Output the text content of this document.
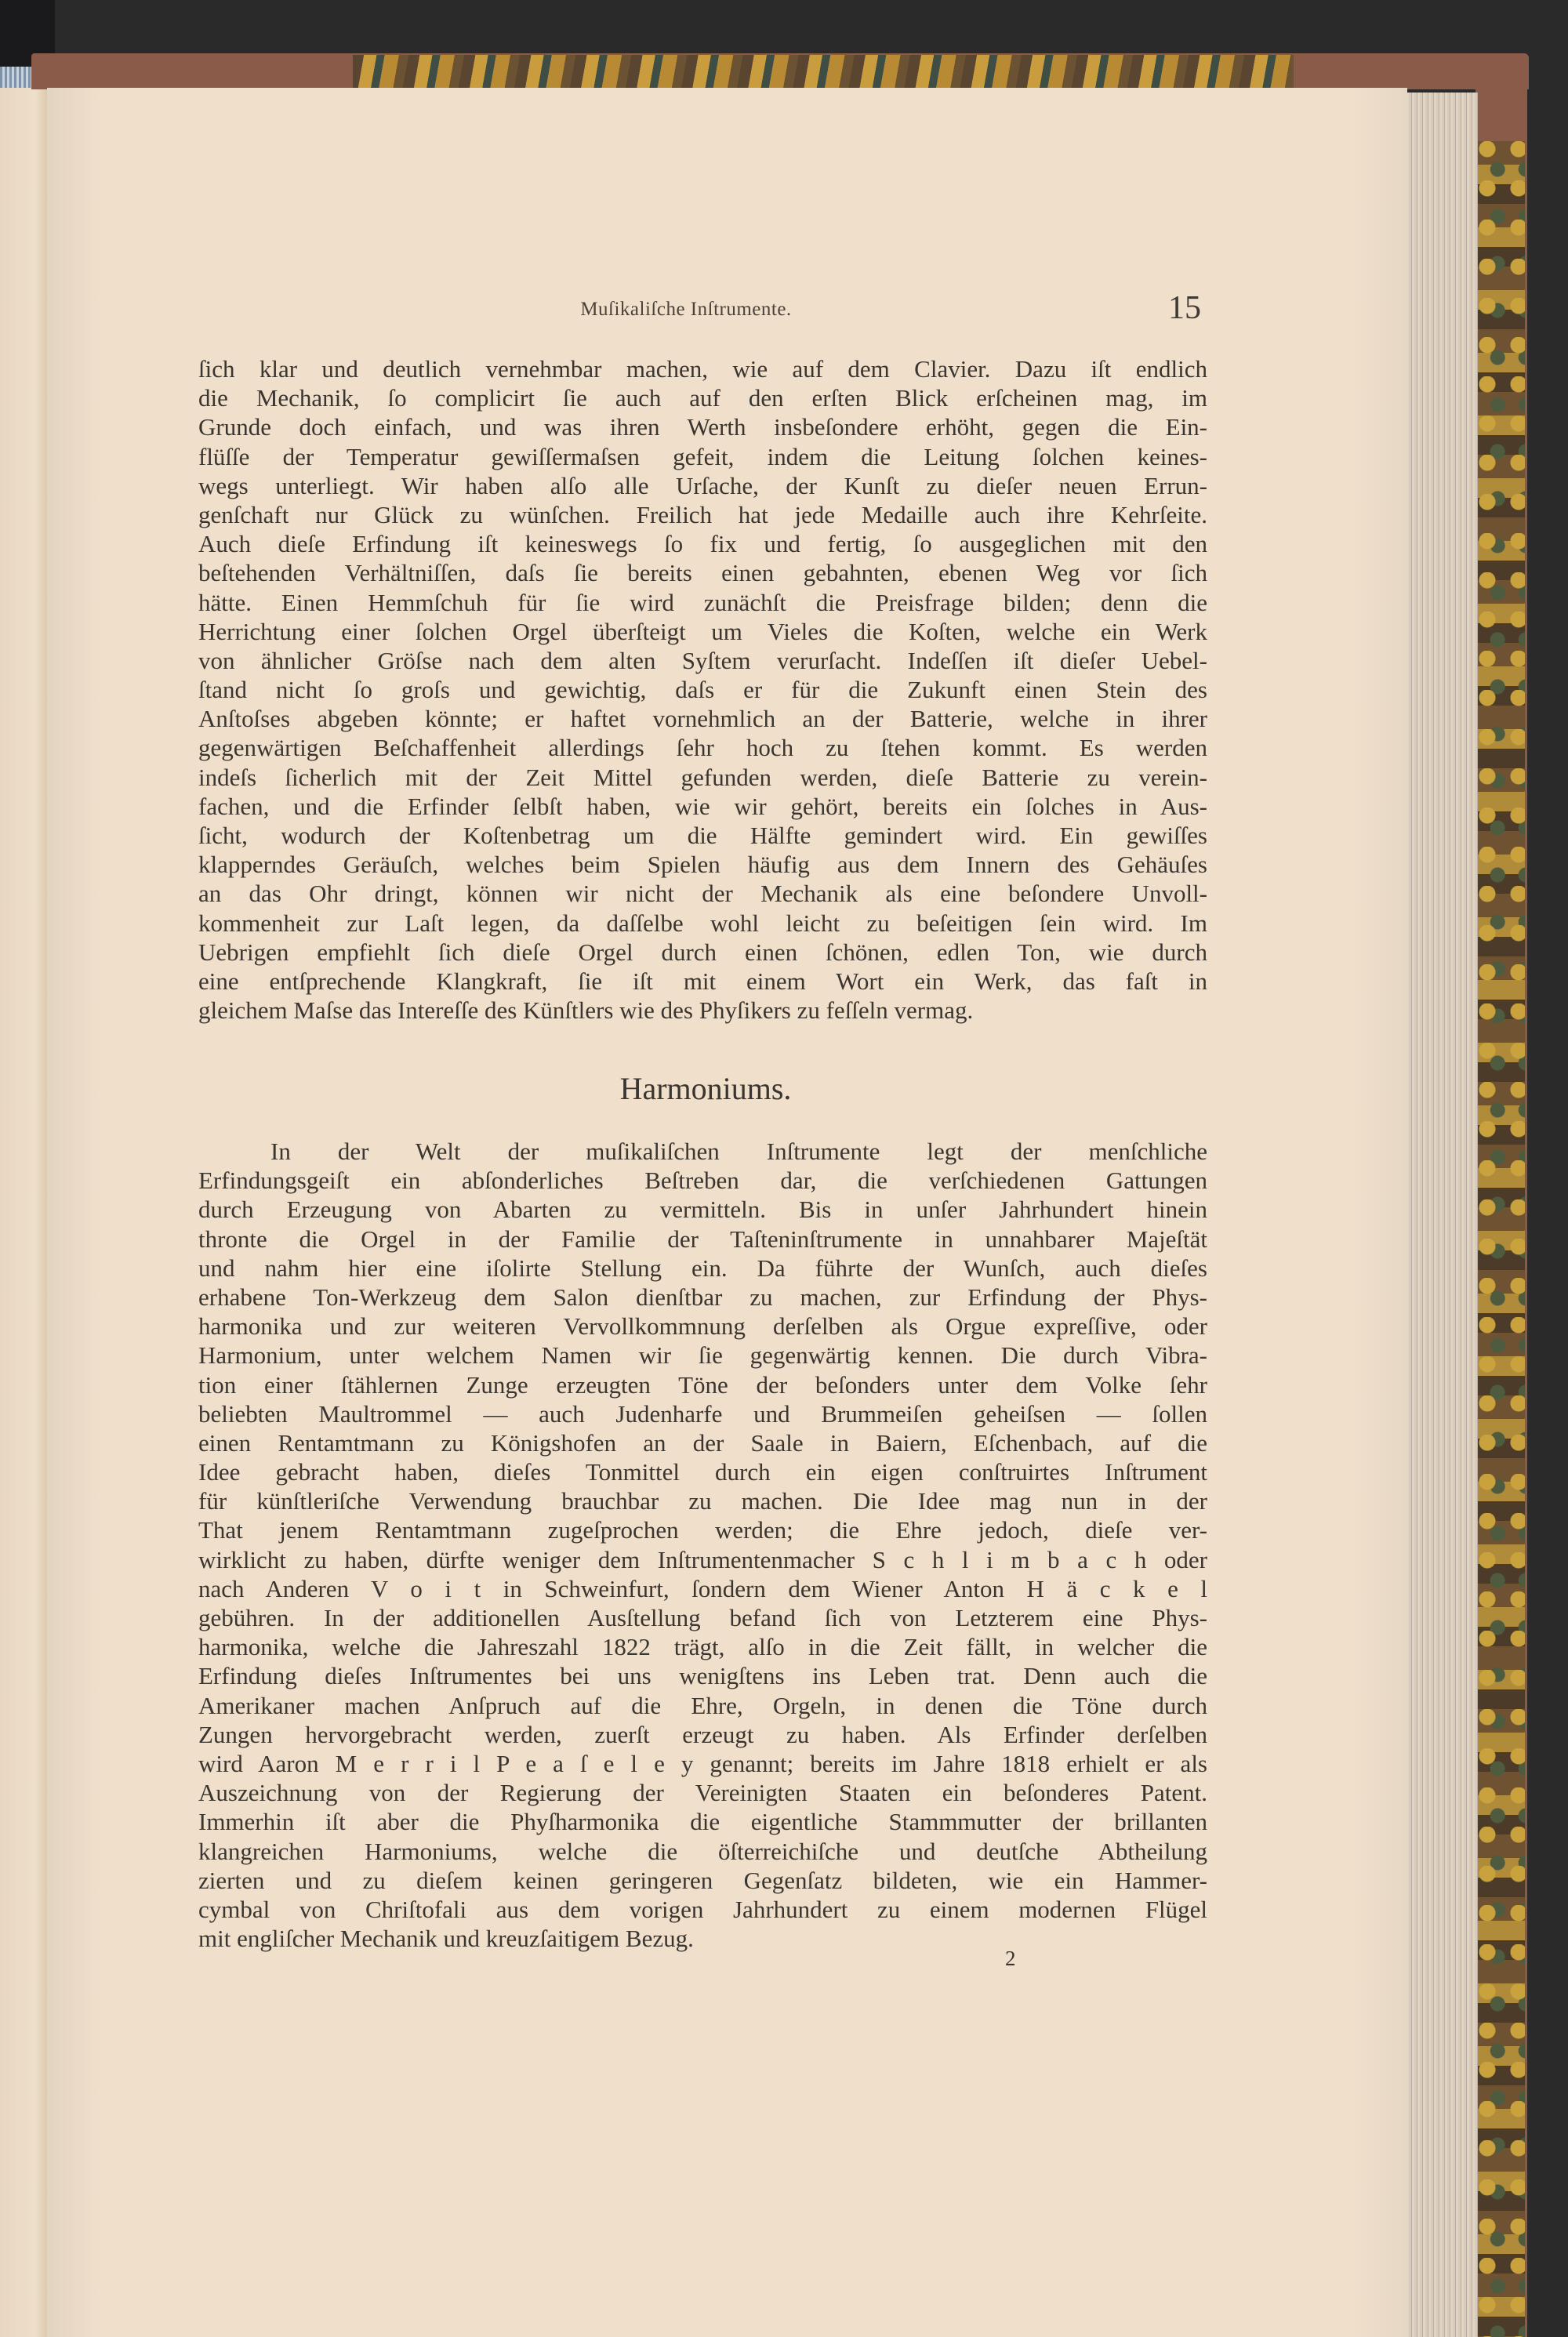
Muſikaliſche Inſtrumente.	15
ſich klar und deutlich vernehmbar machen, wie auf dem Clavier. Dazu iſt endlich
die Mechanik, ſo complicirt ſie auch auf den erſten Blick erſcheinen mag, im
Grunde doch einfach, und was ihren Werth insbeſondere erhöht, gegen die Ein-
flüſſe der Temperatur gewiſſermaſsen gefeit, indem die Leitung ſolchen keines-
wegs unterliegt. Wir haben alſo alle Urſache, der Kunſt zu dieſer neuen Errun-
genſchaft nur Glück zu wünſchen. Freilich hat jede Medaille auch ihre Kehrſeite.
Auch dieſe Erfindung iſt keineswegs ſo fix und fertig, ſo ausgeglichen mit den
beſtehenden Verhältniſſen, daſs ſie bereits einen gebahnten, ebenen Weg vor ſich
hätte. Einen Hemmſchuh für ſie wird zunächſt die Preisfrage bilden; denn die
Herrichtung einer ſolchen Orgel überſteigt um Vieles die Koſten, welche ein Werk
von ähnlicher Gröſse nach dem alten Syſtem verurſacht. Indeſſen iſt dieſer Uebel-
ſtand nicht ſo groſs und gewichtig, daſs er für die Zukunft einen Stein des
Anſtoſses abgeben könnte; er haftet vornehmlich an der Batterie, welche in ihrer
gegenwärtigen Beſchaffenheit allerdings ſehr hoch zu ſtehen kommt. Es werden
indeſs ſicherlich mit der Zeit Mittel gefunden werden, dieſe Batterie zu verein-
fachen, und die Erfinder ſelbſt haben, wie wir gehört, bereits ein ſolches in Aus-
ſicht, wodurch der Koſtenbetrag um die Hälfte gemindert wird. Ein gewiſſes
klapperndes Geräuſch, welches beim Spielen häufig aus dem Innern des Gehäuſes
an das Ohr dringt, können wir nicht der Mechanik als eine beſondere Unvoll-
kommenheit zur Laſt legen, da daſſelbe wohl leicht zu beſeitigen ſein wird. Im
Uebrigen empfiehlt ſich dieſe Orgel durch einen ſchönen, edlen Ton, wie durch
eine entſprechende Klangkraft, ſie iſt mit einem Wort ein Werk, das faſt in
gleichem Maſse das Intereſſe des Künſtlers wie des Phyſikers zu feſſeln vermag.
Harmoniums.
In der Welt der muſikaliſchen Inſtrumente legt der menſchliche
Erfindungsgeiſt ein abſonderliches Beſtreben dar, die verſchiedenen Gattungen
durch Erzeugung von Abarten zu vermitteln. Bis in unſer Jahrhundert hinein
thronte die Orgel in der Familie der Taſteninſtrumente in unnahbarer Majeſtät
und nahm hier eine iſolirte Stellung ein. Da führte der Wunſch, auch dieſes
erhabene Ton-Werkzeug dem Salon dienſtbar zu machen, zur Erfindung der Phys-
harmonika und zur weiteren Vervollkommnung derſelben als Orgue expreſſive, oder
Harmonium, unter welchem Namen wir ſie gegenwärtig kennen. Die durch Vibra-
tion einer ſtählernen Zunge erzeugten Töne der beſonders unter dem Volke ſehr
beliebten Maultrommel — auch Judenharfe und Brummeiſen geheiſsen — ſollen
einen Rentamtmann zu Königshofen an der Saale in Baiern, Eſchenbach, auf die
Idee gebracht haben, dieſes Tonmittel durch ein eigen conſtruirtes Inſtrument
für künſtleriſche Verwendung brauchbar zu machen. Die Idee mag nun in der
That jenem Rentamtmann zugeſprochen werden; die Ehre jedoch, dieſe ver-
wirklicht zu haben, dürfte weniger dem Inſtrumentenmacher S c h l i m b a c h oder
nach Anderen V o i t in Schweinfurt, ſondern dem Wiener Anton H ä c k e l
gebühren. In der additionellen Ausſtellung befand ſich von Letzterem eine Phys-
harmonika, welche die Jahreszahl 1822 trägt, alſo in die Zeit fällt, in welcher die
Erfindung dieſes Inſtrumentes bei uns wenigſtens ins Leben trat. Denn auch die
Amerikaner machen Anſpruch auf die Ehre, Orgeln, in denen die Töne durch
Zungen hervorgebracht werden, zuerſt erzeugt zu haben. Als Erfinder derſelben
wird Aaron M e r r i l P e a ſ e l e y genannt; bereits im Jahre 1818 erhielt er als
Auszeichnung von der Regierung der Vereinigten Staaten ein beſonderes Patent.
Immerhin iſt aber die Phyſharmonika die eigentliche Stammmutter der brillanten
klangreichen Harmoniums, welche die öſterreichiſche und deutſche Abtheilung
zierten und zu dieſem keinen geringeren Gegenſatz bildeten, wie ein Hammer-
cymbal von Chriſtofali aus dem vorigen Jahrhundert zu einem modernen Flügel
mit engliſcher Mechanik und kreuzſaitigem Bezug.
2
